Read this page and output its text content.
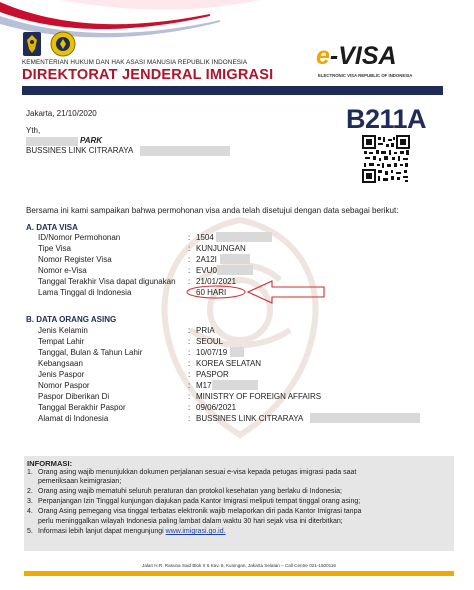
KEMENTERIAN HUKUM DAN HAK ASASI MANUSIA REPUBLIK INDONESIA
DIREKTORAT JENDERAL IMIGRASI
e-VISA
ELECTRONIC VISA REPUBLIC OF INDONESIA
Jakarta, 21/10/2020
Yth,
PARK
BUSSINES LINK CITRARAYA
B211A
Bersama ini kami sampaikan bahwa permohonan visa anda telah disetujui dengan data sebagai berikut:
A. DATA VISA
ID/Nomor Permohonan	: 1504
Tipe Visa	: KUNJUNGAN
Nomor Register Visa	: 2A12I
Nomor e-Visa	: EVU0
Tanggal Terakhir Visa dapat digunakan : 21/01/2021
Lama Tinggal di Indonesia	: 60 HARI
B. DATA ORANG ASING
Jenis Kelamin	: PRIA
Tempat Lahir	: SEOUL
Tanggal, Bulan & Tahun Lahir	: 10/07/19
Kebangsaan	: KOREA SELATAN
Jenis Paspor	: PASPOR
Nomor Paspor	: M17
Paspor Diberikan Di	: MINISTRY OF FOREIGN AFFAIRS
Tanggal Berakhir Paspor	: 09/06/2021
Alamat di Indonesia	: BUSSINES LINK CITRARAYA
INFORMASI:
1. Orang asing wajib menunjukkan dokumen perjalanan sesuai e-visa kepada petugas imigrasi pada saat
pemeriksaan keimigrasian;
2. Orang asing wajib mematuhi seluruh peraturan dan protokol kesehatan yang berlaku di Indonesia;
3. Perpanjangan Izin Tinggal kunjungan diajukan pada Kantor Imigrasi meliputi tempat tinggal orang asing;
4. Orang Asing pemegang visa tinggal terbatas elektronik wajib melaporkan diri pada Kantor Imigrasi tanpa
perlu meninggalkan wilayah Indonesia paling lambat dalam waktu 30 hari sejak visa ini diterbitkan;
5. Informasi lebih lanjut dapat mengunjungi www.imigrasi.go.id.
Jalan H.R. Rasuna Said Blok X 6 Kav. 8, Kuningan, Jakarta Selatan – Call Centre 021-1500116
